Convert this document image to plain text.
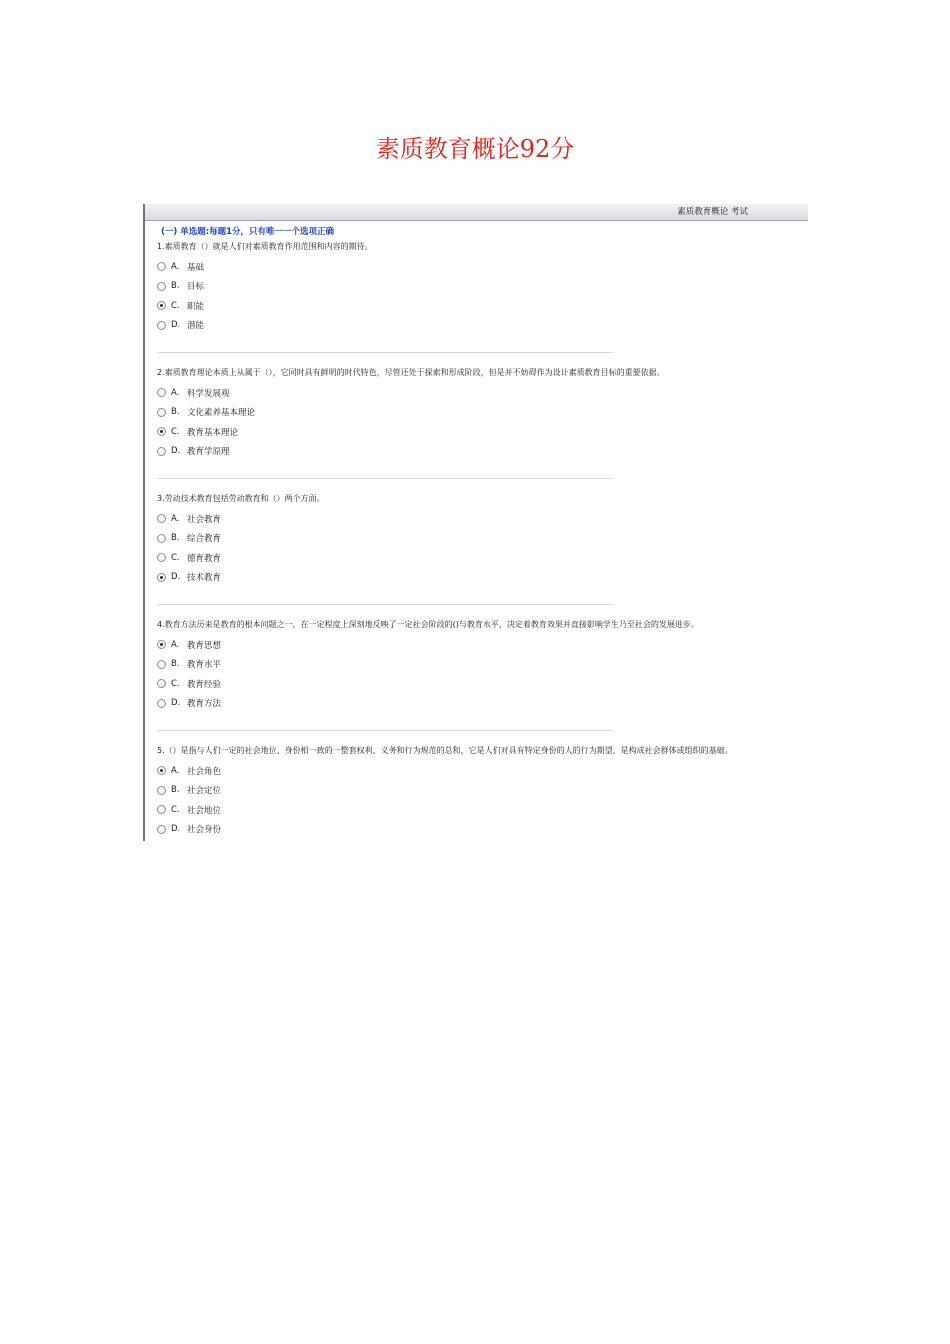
素质教育概论92分
素质教育概论 考试
(一) 单选题:每题1分，只有唯一一个选项正确
1.素质教育（）就是人们对素质教育作用范围和内容的期待。
A. 基础
B. 目标
C. 职能
D. 潜能
2.素质教育理论本质上从属于（），它同时具有鲜明的时代特色，尽管还处于探索和形成阶段，但是并不妨碍作为设计素质教育目标的重要依据。
A. 科学发展观
B. 文化素养基本理论
C. 教育基本理论
D. 教育学原理
3.劳动技术教育包括劳动教育和（）两个方面。
A. 社会教育
B. 综合教育
C. 德育教育
D. 技术教育
4.教育方法历来是教育的根本问题之一，在一定程度上深刻地反映了一定社会阶段的()与教育水平，决定着教育效果并直接影响学生乃至社会的发展进步。
A. 教育思想
B. 教育水平
C. 教育经验
D. 教育方法
5.（）是指与人们一定的社会地位、身份相一致的一整套权利、义务和行为规范的总和，它是人们对具有特定身份的人的行为期望，是构成社会群体或组织的基础。
A. 社会角色
B. 社会定位
C. 社会地位
D. 社会身份
